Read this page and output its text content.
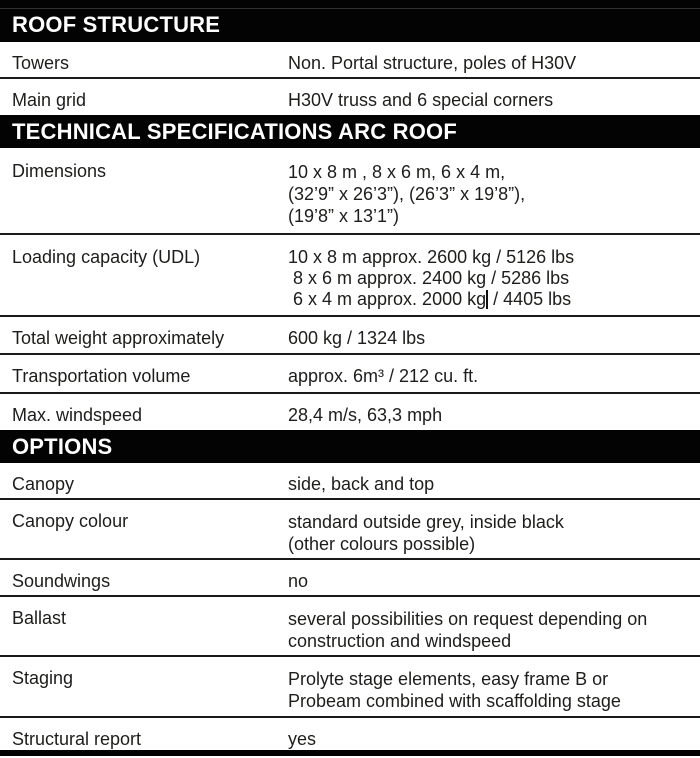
ROOF STRUCTURE
Towers	Non. Portal structure, poles of H30V
Main grid	H30V truss and 6 special corners
TECHNICAL SPECIFICATIONS ARC ROOF
Dimensions	10 x 8 m , 8 x 6 m, 6 x 4 m,
(32’9” x 26’3”), (26’3” x 19’8”),
(19’8” x 13’1”)
Loading capacity (UDL)	10 x 8 m approx. 2600 kg / 5126 lbs
8 x 6 m approx. 2400 kg / 5286 lbs
6 x 4 m approx. 2000 kg / 4405 lbs
Total weight approximately	600 kg / 1324 lbs
Transportation volume	approx. 6m³ / 212 cu. ft.
Max. windspeed	28,4 m/s, 63,3 mph
OPTIONS
Canopy	side, back and top
Canopy colour	standard outside grey, inside black
(other colours possible)
Soundwings	no
Ballast	several possibilities on request depending on
construction and windspeed
Staging	Prolyte stage elements, easy frame B or
Probeam combined with scaffolding stage
Structural report	yes
